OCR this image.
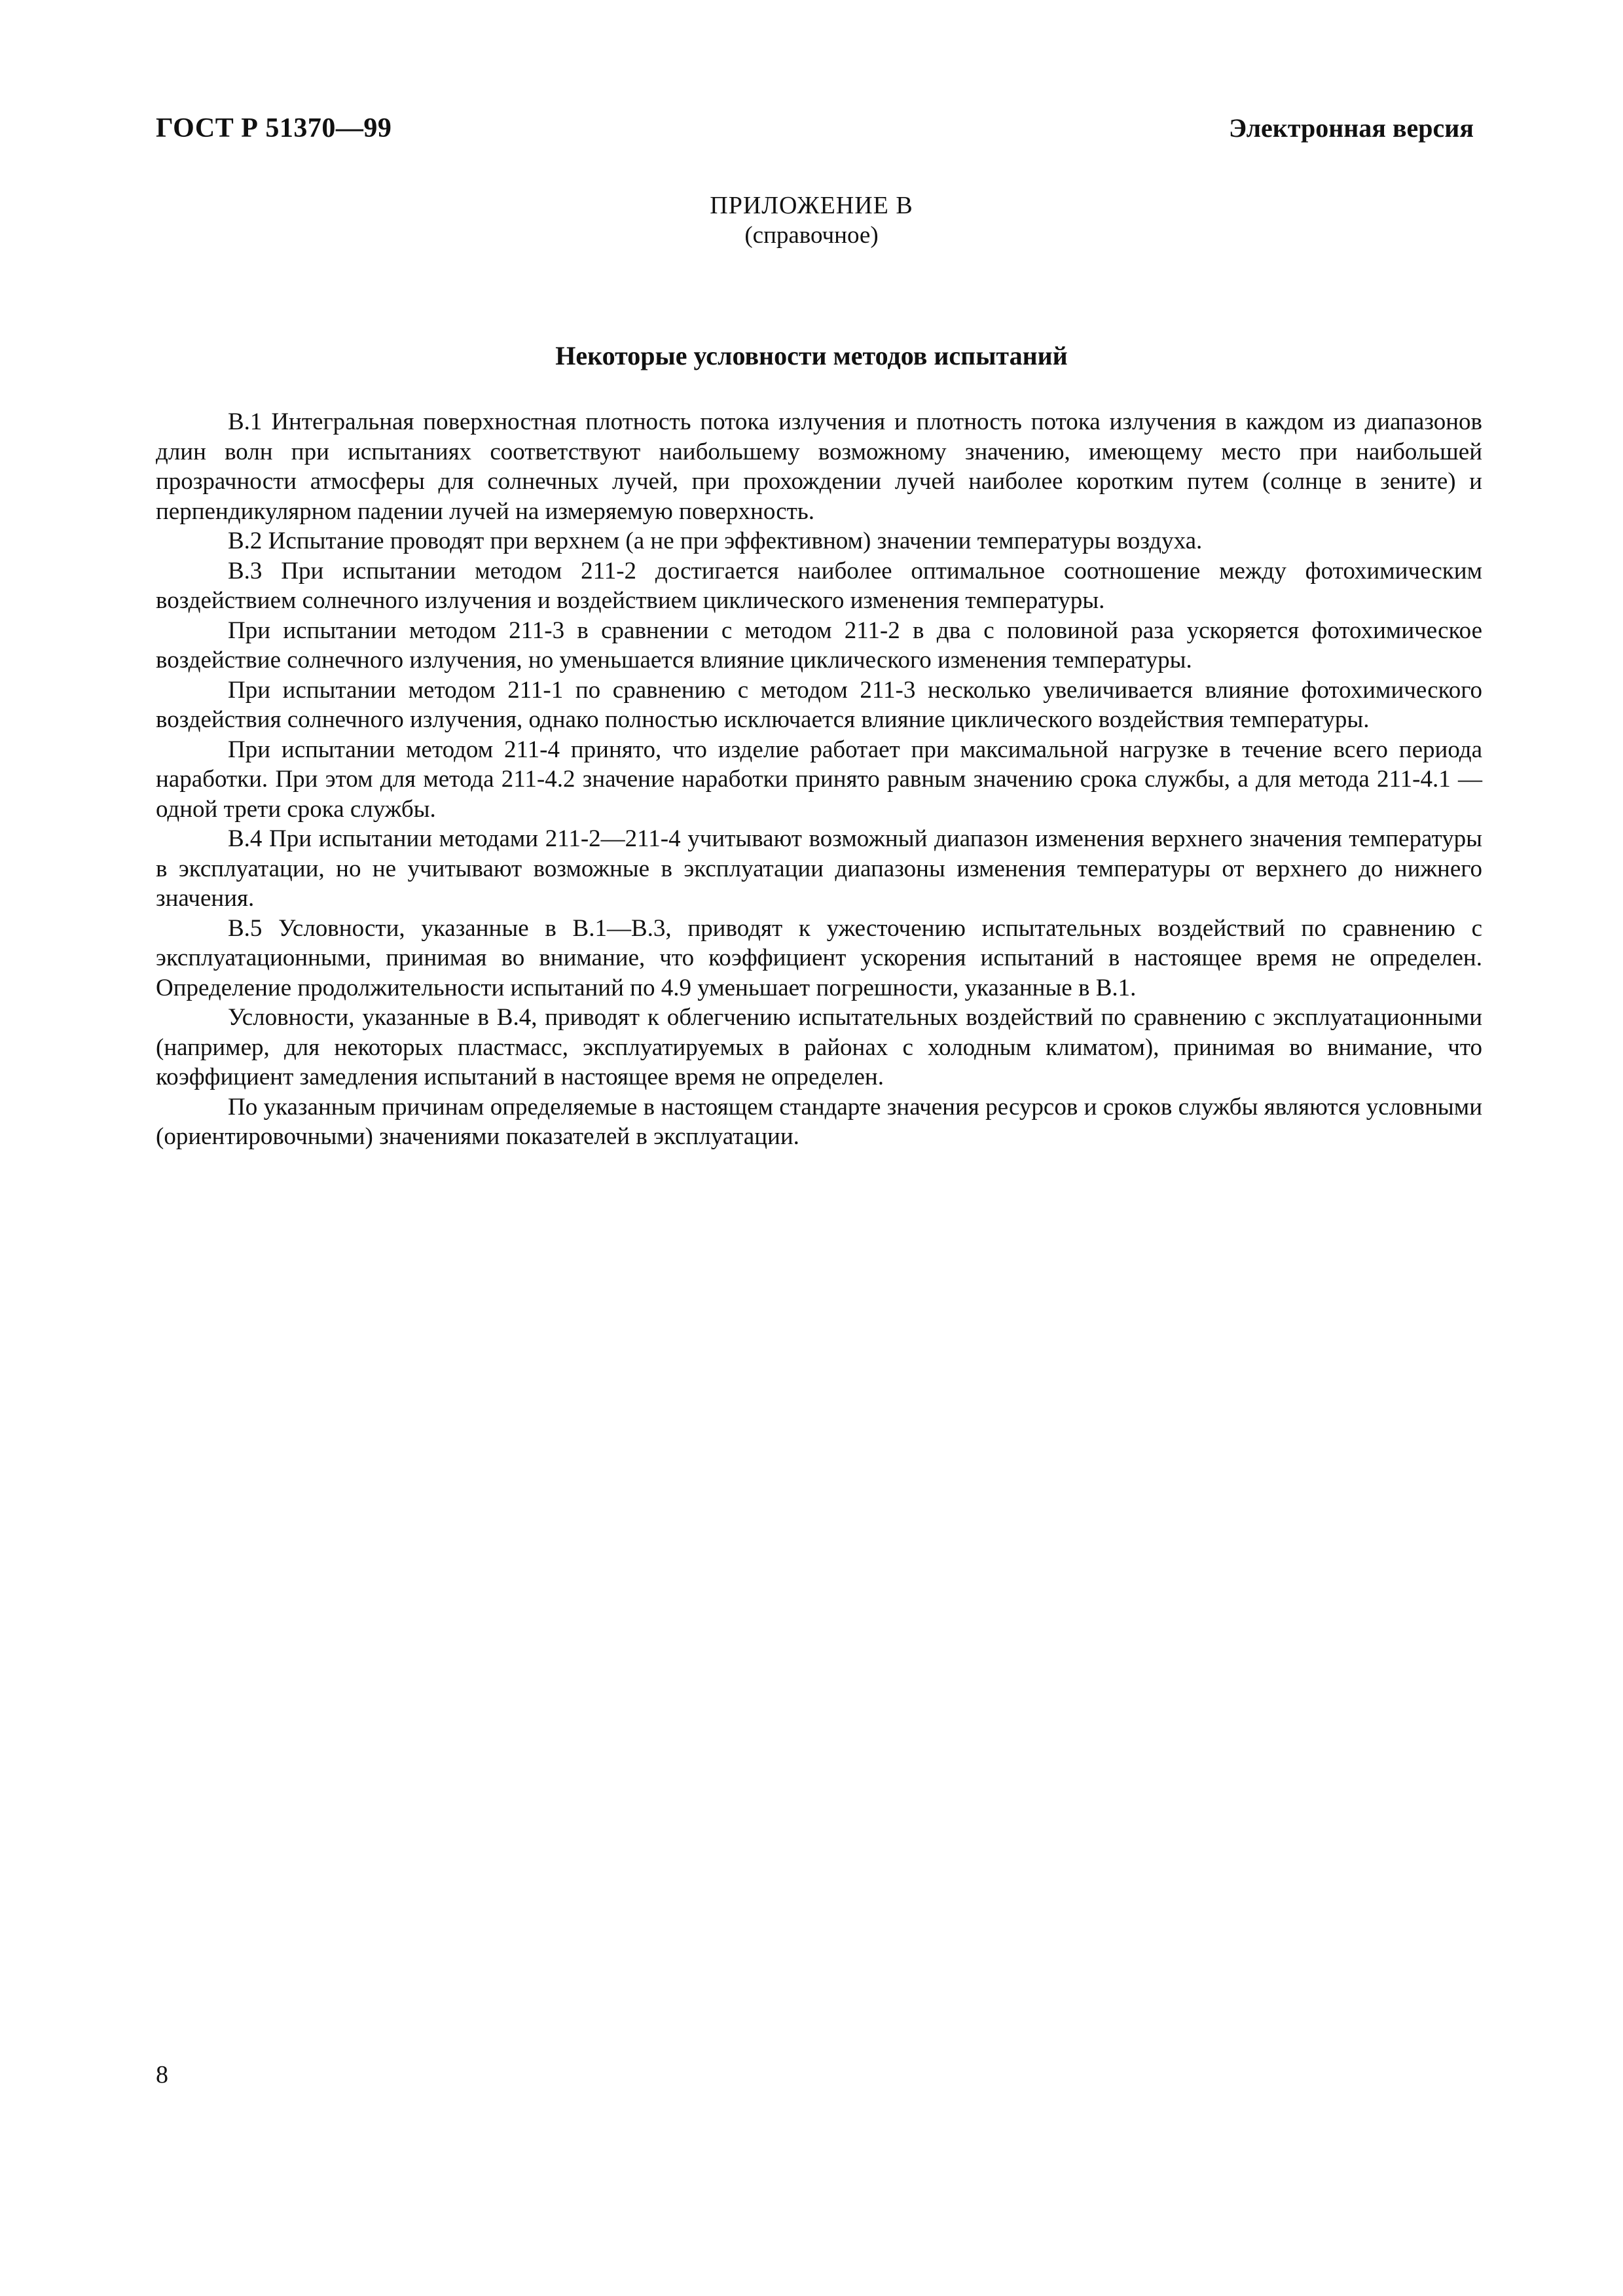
ГОСТ Р 51370—99	Электронная версия
ПРИЛОЖЕНИЕ В
(справочное)
Некоторые условности методов испытаний

В.1 Интегральная поверхностная плотность потока излучения и плотность потока излучения в каждом из диапазонов длин волн при испытаниях соответствуют наибольшему возможному значению, имеющему место при наибольшей прозрачности атмосферы для солнечных лучей, при прохождении лучей наиболее коротким путем (солнце в зените) и перпендикулярном падении лучей на измеряемую поверхность.

В.2 Испытание проводят при верхнем (а не при эффективном) значении температуры воздуха.

В.3 При испытании методом 211-2 достигается наиболее оптимальное соотношение между фотохимическим воздействием солнечного излучения и воздействием циклического изменения температуры.

При испытании методом 211-3 в сравнении с методом 211-2 в два с половиной раза ускоряется фотохимическое воздействие солнечного излучения, но уменьшается влияние циклического изменения температуры.

При испытании методом 211-1 по сравнению с методом 211-3 несколько увеличивается влияние фотохимического воздействия солнечного излучения, однако полностью исключается влияние циклического воздействия температуры.

При испытании методом 211-4 принято, что изделие работает при максимальной нагрузке в течение всего периода наработки. При этом для метода 211-4.2 значение наработки принято равным значению срока службы, а для метода 211-4.1 — одной трети срока службы.

В.4 При испытании методами 211-2—211-4 учитывают возможный диапазон изменения верхнего значения температуры в эксплуатации, но не учитывают возможные в эксплуатации диапазоны изменения температуры от верхнего до нижнего значения.

В.5 Условности, указанные в В.1—В.3, приводят к ужесточению испытательных воздействий по сравнению с эксплуатационными, принимая во внимание, что коэффициент ускорения испытаний в настоящее время не определен. Определение продолжительности испытаний по 4.9 уменьшает погрешности, указанные в В.1.

Условности, указанные в В.4, приводят к облегчению испытательных воздействий по сравнению с эксплуатационными (например, для некоторых пластмасс, эксплуатируемых в районах с холодным климатом), принимая во внимание, что коэффициент замедления испытаний в настоящее время не определен.

По указанным причинам определяемые в настоящем стандарте значения ресурсов и сроков службы являются условными (ориентировочными) значениями показателей в эксплуатации.

8
